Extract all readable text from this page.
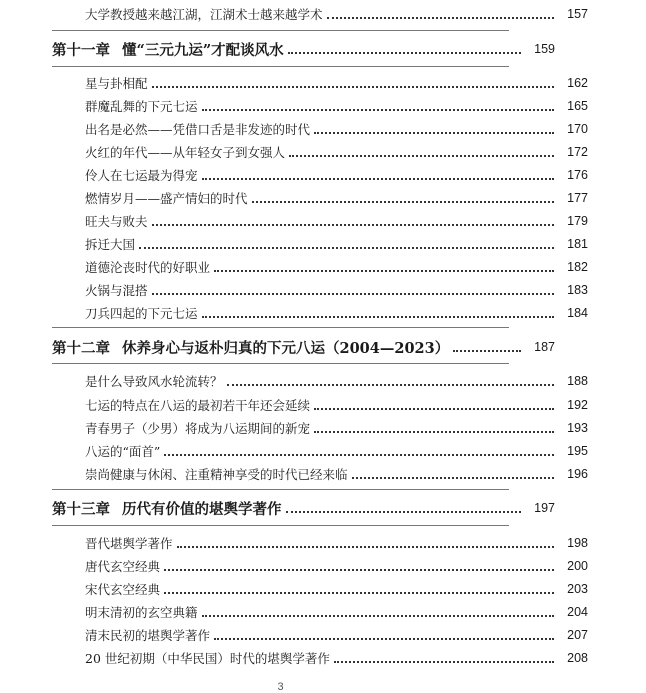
大学教授越来越江湖，江湖术士越来越学术	157
第十一章 懂“三元九运”才配谈风水	159
星与卦相配	162
群魔乱舞的下元七运	165
出名是必然——凭借口舌是非发迹的时代	170
火红的年代——从年轻女子到女强人	172
伶人在七运最为得宠	176
燃情岁月——盛产情妇的时代	177
旺夫与败夫	179
拆迁大国	181
道德沦丧时代的好职业	182
火锅与混搭	183
刀兵四起的下元七运	184
第十二章 休养身心与返朴归真的下元八运（2004—2023）	187
是什么导致风水轮流转？	188
七运的特点在八运的最初若干年还会延续	192
青春男子（少男）将成为八运期间的新宠	193
八运的“面首”	195
崇尚健康与休闲、注重精神享受的时代已经来临	196
第十三章 历代有价值的堪舆学著作	197
晋代堪舆学著作	198
唐代玄空经典	200
宋代玄空经典	203
明末清初的玄空典籍	204
清末民初的堪舆学著作	207
20 世纪初期（中华民国）时代的堪舆学著作	208
3
